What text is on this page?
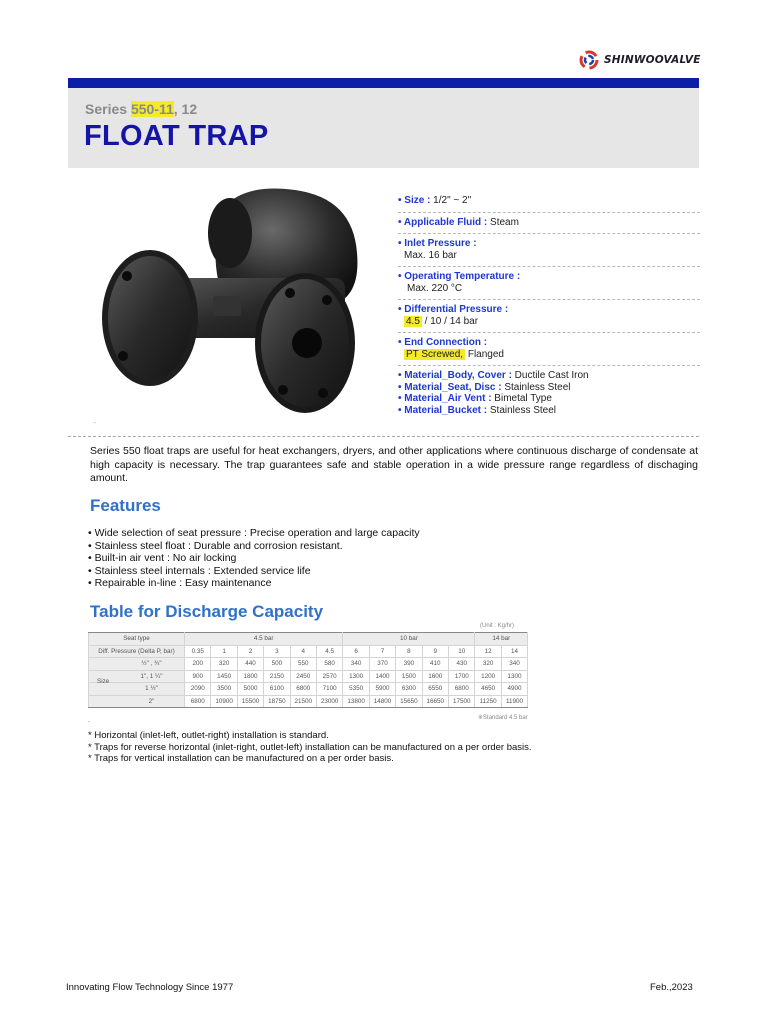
SHINWOOVALVE
Series 550-11, 12
FLOAT TRAP
..
• Size : 1/2" ~ 2"
• Applicable Fluid : Steam
• Inlet Pressure :
Max. 16 bar
• Operating Temperature :
Max. 220 °C
• Differential Pressure :
4.5 / 10 / 14 bar
• End Connection :
PT Screwed, Flanged
• Material_Body, Cover : Ductile Cast Iron
• Material_Seat, Disc : Stainless Steel
• Material_Air Vent : Bimetal Type
• Material_Bucket : Stainless Steel
Series 550 float traps are useful for heat exchangers, dryers, and other applications where continuous discharge of condensate at high capacity is necessary. The trap guarantees safe and stable operation in a wide pressure range regardless of dischaging amount.
Features
• Wide selection of seat pressure : Precise operation and large capacity
• Stainless steel float : Durable and corrosion resistant.
• Built-in air vent : No air locking
• Stainless steel internals : Extended service life
• Repairable in-line : Easy maintenance
Table for Discharge Capacity
(Unit : Kg/hr)
Seat type	4.5 bar						10 bar					14 bar	
Diff. Pressure (Delta P, bar)	0.35	1	2	3	4	4.5	6	7	8	9	10	12	14

Size
½" , ¾"	200	320	440	500	550	580	340	370	390	410	430	320	340
1", 1 ¼"	900	1450	1800	2150	2450	2570	1300	1400	1500	1600	1700	1200	1300
1 ½"	2090	3500	5000	6100	6800	7100	5350	5900	6300	6550	6800	4650	4900
2"	6800	10900	15500	18750	21500	23000	13800	14800	15650	16650	17500	11250	11900
※Standard 4.5 bar
-
* Horizontal (inlet-left, outlet-right) installation is standard.
* Traps for reverse horizontal (inlet-right, outlet-left) installation can be manufactured on a per order basis.
* Traps for vertical installation can be manufactured on a per order basis.
Innovating Flow Technology Since 1977	Feb.,2023
